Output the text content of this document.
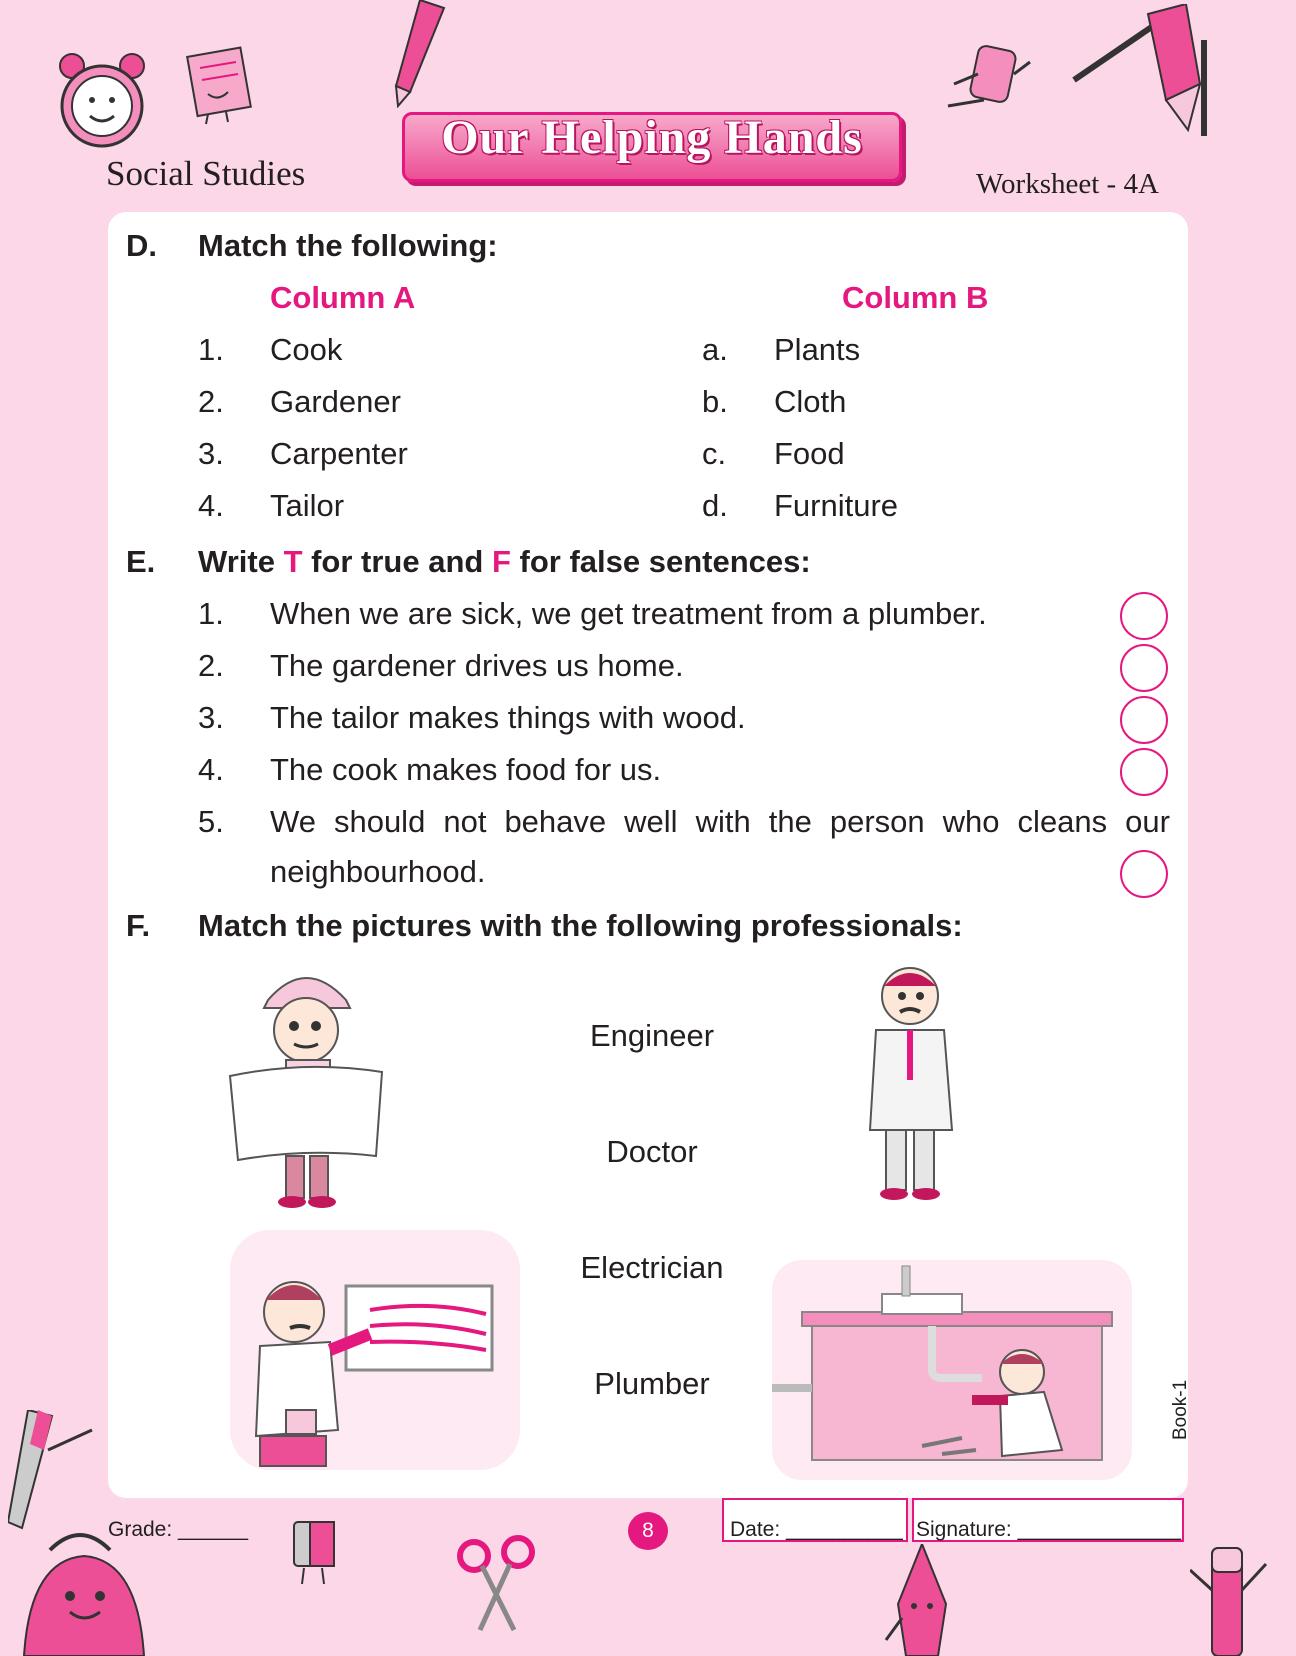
Social Studies
Our Helping Hands
Worksheet - 4A
D. Match the following:
Column A	Column B
1. Cook	a. Plants
2. Gardener	b. Cloth
3. Carpenter	c. Food
4. Tailor	d. Furniture
E. Write T for true and F for false sentences:
1. When we are sick, we get treatment from a plumber.
2. The gardener drives us home.
3. The tailor makes things with wood.
4. The cook makes food for us.
5. We should not behave well with the person who cleans our
neighbourhood.
F. Match the pictures with the following professionals:
Engineer
Doctor
Electrician
Plumber	Book-1
Grade: ______	8	Date: __________ Signature: ______________
